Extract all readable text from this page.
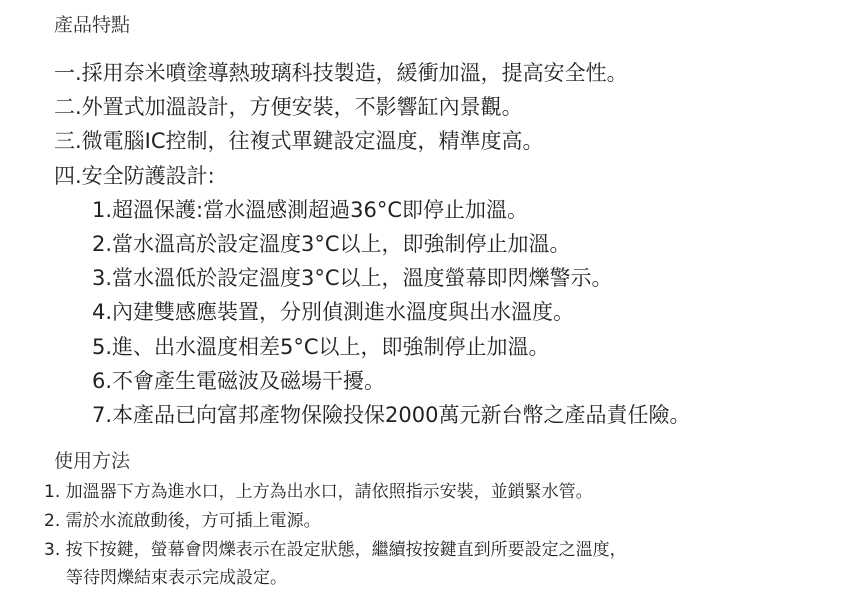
產品特點
一.採用奈米噴塗導熱玻璃科技製造，緩衝加溫，提高安全性。
二.外置式加溫設計，方便安裝，不影響缸內景觀。
三.微電腦IC控制，往複式單鍵設定溫度，精準度高。
四.安全防護設計:
1.超溫保護:當水溫感測超過36°C即停止加溫。
2.當水溫高於設定溫度3°C以上，即強制停止加溫。
3.當水溫低於設定溫度3°C以上，溫度螢幕即閃爍警示。
4.內建雙感應裝置，分別偵測進水溫度與出水溫度。
5.進、出水溫度相差5°C以上，即強制停止加溫。
6.不會產生電磁波及磁場干擾。
7.本產品已向富邦產物保險投保2000萬元新台幣之產品責任險。
使用方法
1. 加溫器下方為進水口，上方為出水口，請依照指示安裝，並鎖緊水管。
2. 需於水流啟動後，方可插上電源。
3. 按下按鍵，螢幕會閃爍表示在設定狀態，繼續按按鍵直到所要設定之溫度，
等待閃爍結束表示完成設定。
